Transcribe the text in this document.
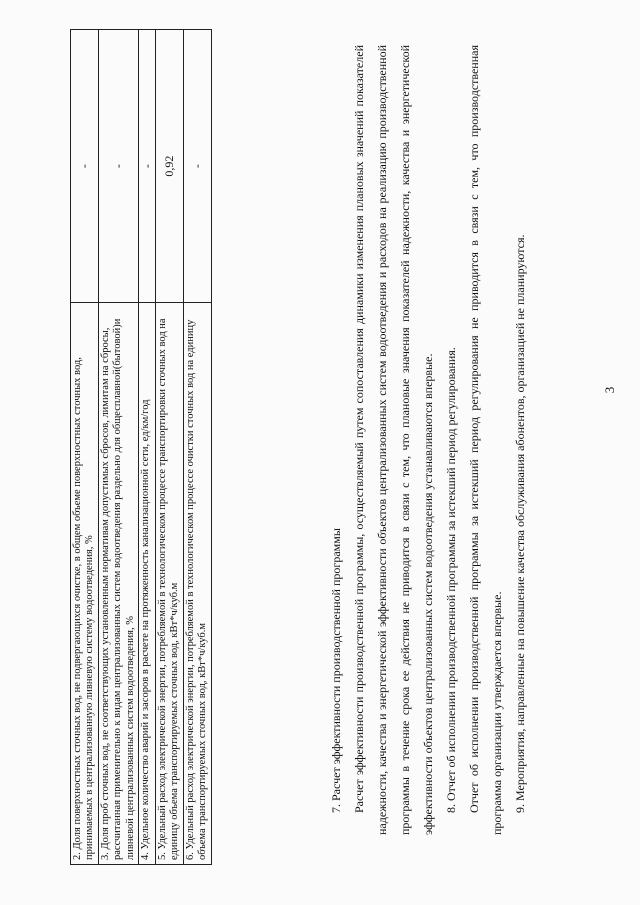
3
2. Доля поверхностных сточных вод, не подвергающихся очистке, в общем объеме поверхностных сточных вод, принимаемых в централизованную ливневую систему водоотведения, %	-
3. Доля проб сточных вод, не соответствующих установленным нормативам допустимых сбросов, лимитам на сбросы, рассчитанная применительно к видам централизованных систем водоотведения раздельно для общесплавной(бытовой)и ливневой централизованных систем водоотведения, %	-
4. Удельное количество аварий и засоров в расчете на протяженность канализационной сети, ед/км/год	-
5. Удельный расход электрической энергии, потребляемой в технологическом процессе транспортировки сточных вод на единицу объема транспортируемых сточных вод, кВт*ч/куб.м	0,92
6. Удельный расход электрической энергии, потребляемой в технологическом процессе очистки сточных вод на единицу объема транспортируемых сточных вод, кВт*ч/куб.м	-

7. Расчет эффективности производственной программы Расчет эффективности производственной программы, осуществляемый путем сопоставления динамики изменения плановых значений показателей надежности, качества и энергетической эффективности объектов централизованных систем водоотведения и расходов на реализацию производственной программы в течение срока ее действия не приводится в связи с тем, что плановые значения показателей надежности, качества и энергетической эффективности объектов централизованных систем водоотведения устанавливаются впервые. 8. Отчет об исполнении производственной программы за истекший период регулирования. Отчет об исполнении производственной программы за истекший период регулирования не приводится в связи с тем, что производственная программа организации утверждается впервые. 9. Мероприятия, направленные на повышение качества обслуживания абонентов, организацией не планируются.
